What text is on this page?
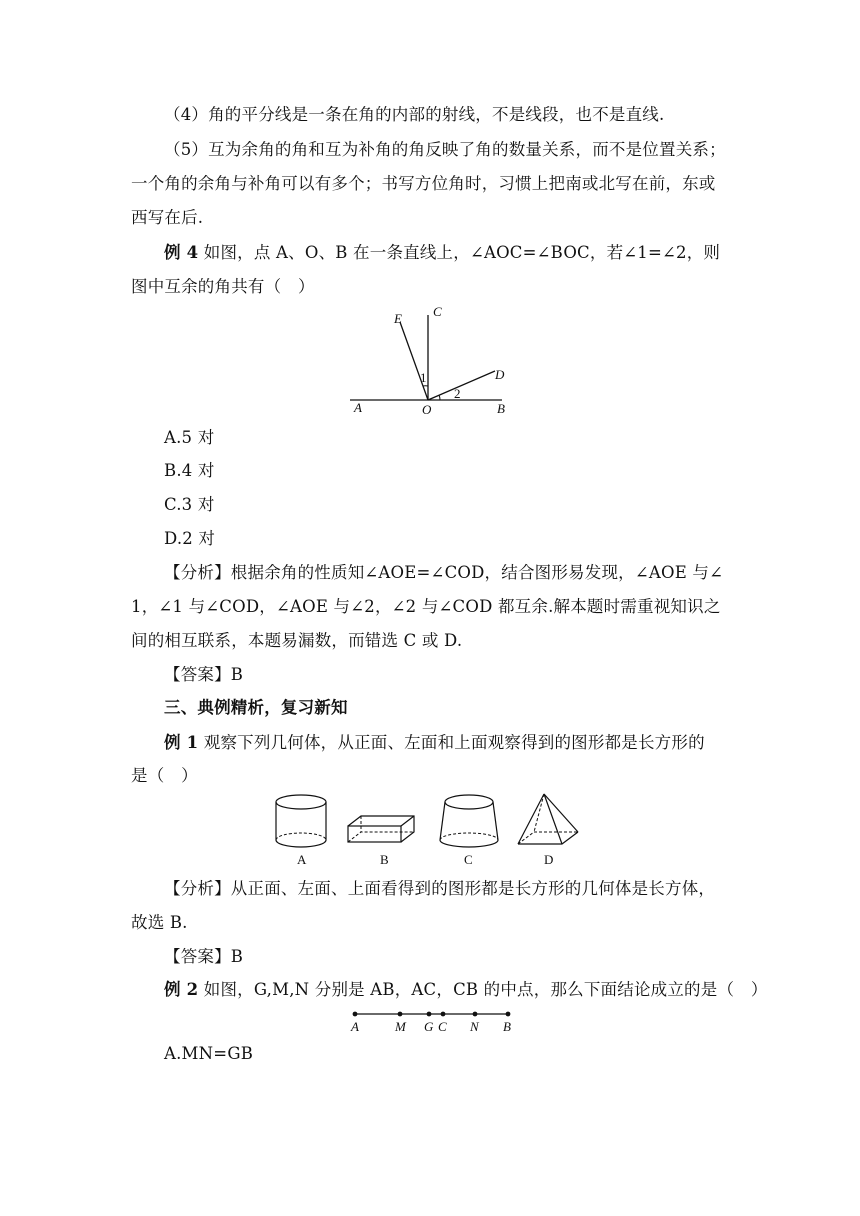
（4）角的平分线是一条在角的内部的射线，不是线段，也不是直线.
（5）互为余角的角和互为补角的角反映了角的数量关系，而不是位置关系；
一个角的余角与补角可以有多个；书写方位角时，习惯上把南或北写在前，东或
西写在后.
例 4 如图，点 A、O、B 在一条直线上，∠AOC=∠BOC，若∠1=∠2，则
图中互余的角共有（　）
E C
D
A	O	B
1
2
A.5 对
B.4 对
C.3 对
D.2 对
【分析】根据余角的性质知∠AOE=∠COD，结合图形易发现，∠AOE 与∠
1，∠1 与∠COD，∠AOE 与∠2，∠2 与∠COD 都互余.解本题时需重视知识之
间的相互联系，本题易漏数，而错选 C 或 D.
【答案】B
三、典例精析，复习新知
例 1 观察下列几何体，从正面、左面和上面观察得到的图形都是长方形的
是（　）
A	B	C	D
【分析】从正面、左面、上面看得到的图形都是长方形的几何体是长方体，
故选 B.
【答案】B
例 2 如图，G,M,N 分别是 AB，AC，CB 的中点，那么下面结论成立的是（　）
A	M G C N B
A.MN=GB
